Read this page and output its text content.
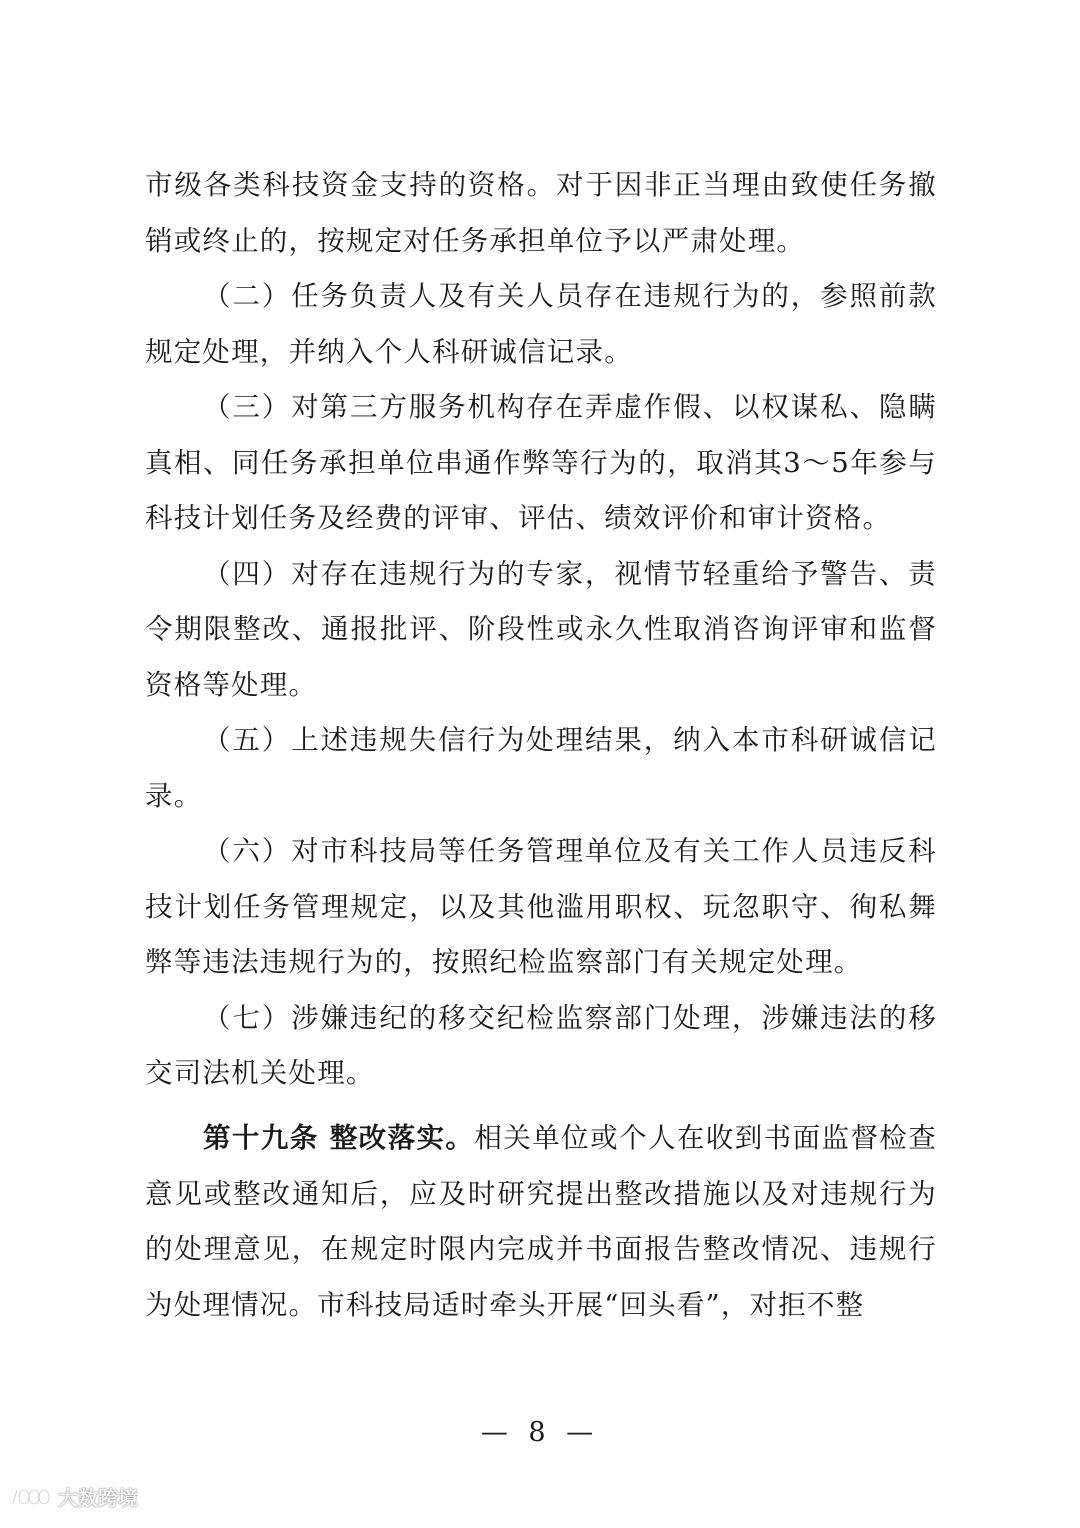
市级各类科技资金支持的资格。对于因非正当理由致使任务撤销或终止的，按规定对任务承担单位予以严肃处理。

（二）任务负责人及有关人员存在违规行为的，参照前款规定处理，并纳入个人科研诚信记录。

（三）对第三方服务机构存在弄虚作假、以权谋私、隐瞒真相、同任务承担单位串通作弊等行为的，取消其3～5年参与科技计划任务及经费的评审、评估、绩效评价和审计资格。

（四）对存在违规行为的专家，视情节轻重给予警告、责令期限整改、通报批评、阶段性或永久性取消咨询评审和监督资格等处理。

（五）上述违规失信行为处理结果，纳入本市科研诚信记录。

（六）对市科技局等任务管理单位及有关工作人员违反科技计划任务管理规定，以及其他滥用职权、玩忽职守、徇私舞弊等违法违规行为的，按照纪检监察部门有关规定处理。

（七）涉嫌违纪的移交纪检监察部门处理，涉嫌违法的移交司法机关处理。

第十九条 整改落实。相关单位或个人在收到书面监督检查意见或整改通知后，应及时研究提出整改措施以及对违规行为的处理意见，在规定时限内完成并书面报告整改情况、违规行为处理情况。市科技局适时牵头开展“回头看”，对拒不整

— 8 —
大数跨境
